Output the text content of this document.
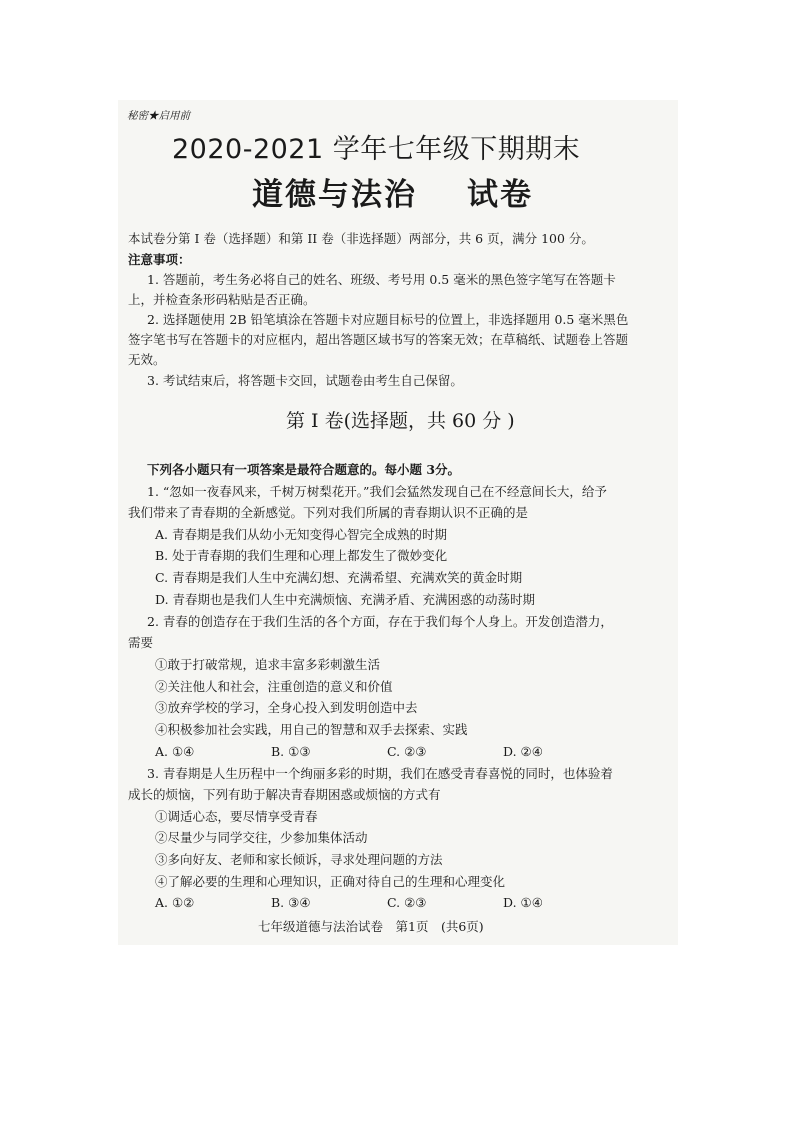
秘密★启用前
2020-2021 学年七年级下期期末
道德与法治 试卷
本试卷分第 I 卷（选择题）和第 II 卷（非选择题）两部分，共 6 页，满分 100 分。
注意事项：
1. 答题前，考生务必将自己的姓名、班级、考号用 0.5 毫米的黑色签字笔写在答题卡
上，并检查条形码粘贴是否正确。
2. 选择题使用 2B 铅笔填涂在答题卡对应题目标号的位置上，非选择题用 0.5 毫米黑色
签字笔书写在答题卡的对应框内，超出答题区域书写的答案无效；在草稿纸、试题卷上答题
无效。
3. 考试结束后，将答题卡交回，试题卷由考生自己保留。
第 I 卷(选择题，共 60 分 )
下列各小题只有一项答案是最符合题意的。每小题 3分。
1. “忽如一夜春风来，千树万树梨花开。”我们会猛然发现自己在不经意间长大，给予
我们带来了青春期的全新感觉。下列对我们所属的青春期认识不正确的是
A. 青春期是我们从幼小无知变得心智完全成熟的时期
B. 处于青春期的我们生理和心理上都发生了微妙变化
C. 青春期是我们人生中充满幻想、充满希望、充满欢笑的黄金时期
D. 青春期也是我们人生中充满烦恼、充满矛盾、充满困惑的动荡时期
2. 青春的创造存在于我们生活的各个方面，存在于我们每个人身上。开发创造潜力，
需要
①敢于打破常规，追求丰富多彩刺激生活
②关注他人和社会，注重创造的意义和价值
③放弃学校的学习，全身心投入到发明创造中去
④积极参加社会实践，用自己的智慧和双手去探索、实践
A. ①④	B. ①③	C. ②③	D. ②④
3. 青春期是人生历程中一个绚丽多彩的时期，我们在感受青春喜悦的同时，也体验着
成长的烦恼，下列有助于解决青春期困惑或烦恼的方式有
①调适心态，要尽情享受青春
②尽量少与同学交往，少参加集体活动
③多向好友、老师和家长倾诉，寻求处理问题的方法
④了解必要的生理和心理知识，正确对待自己的生理和心理变化
A. ①②	B. ③④	C. ②③	D. ①④
七年级道德与法治试卷　第1页　(共6页)
